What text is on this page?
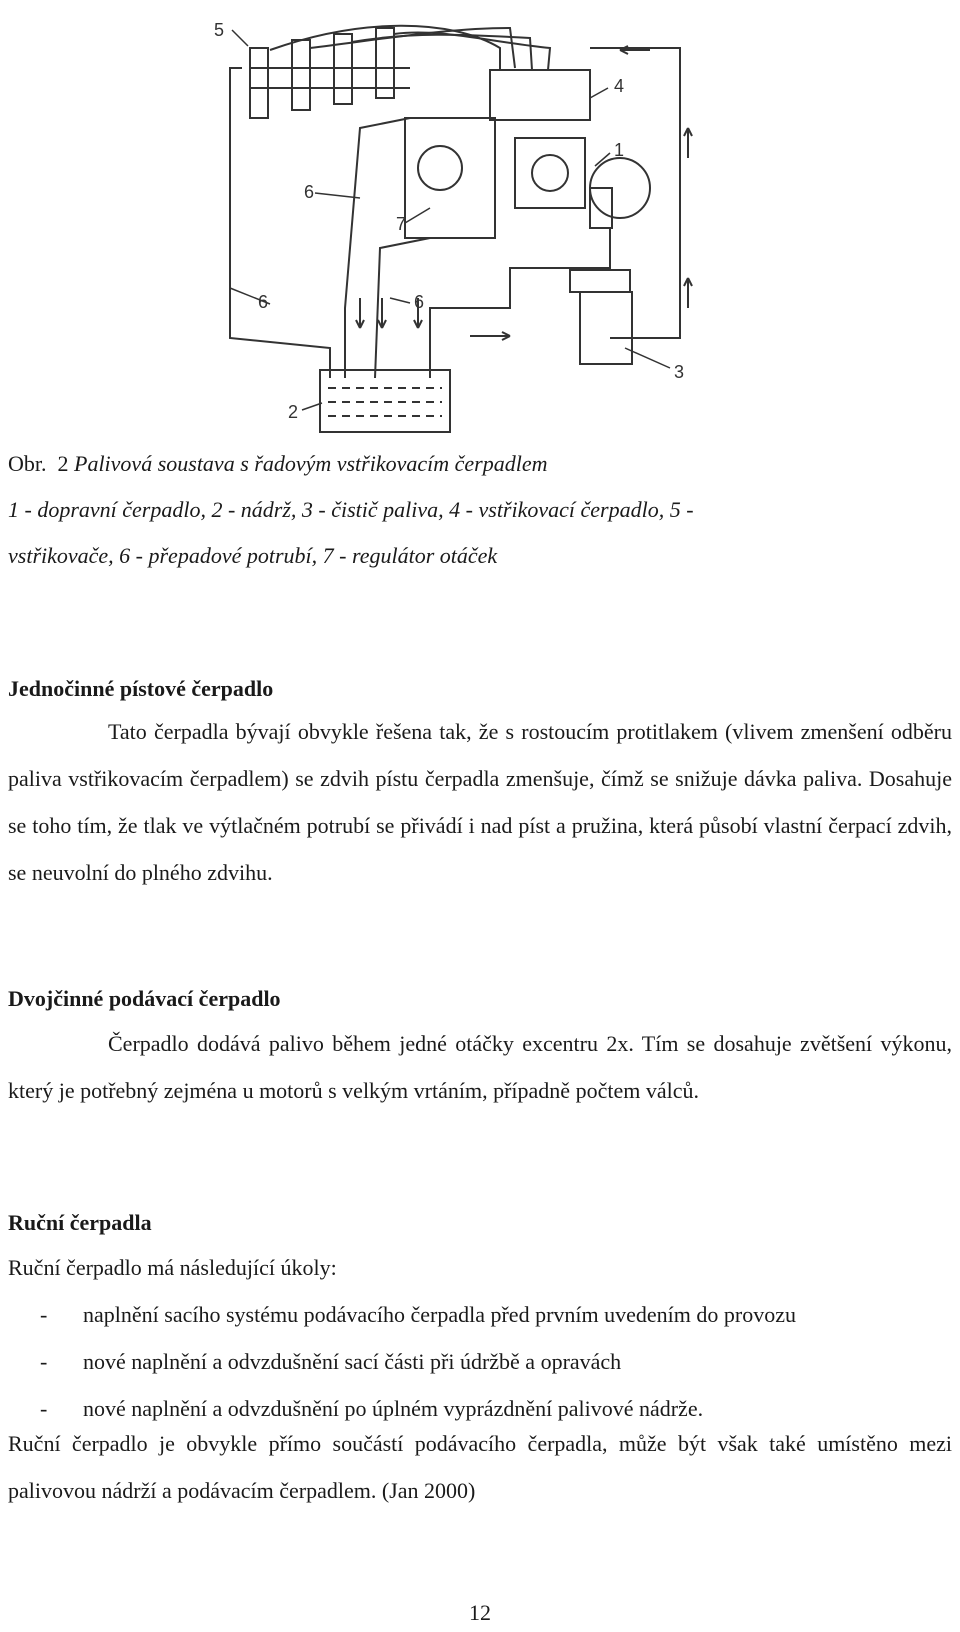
5
4
1
6
7
6	6
3
2
Obr. 2 Palivová soustava s řadovým vstřikovacím čerpadlem
1 - dopravní čerpadlo, 2 - nádrž, 3 - čistič paliva, 4 - vstřikovací čerpadlo, 5 -
vstřikovače, 6 - přepadové potrubí, 7 - regulátor otáček
Jednočinné pístové čerpadlo

Tato čerpadla bývají obvykle řešena tak, že s rostoucím protitlakem (vlivem zmenšení odběru paliva vstřikovacím čerpadlem) se zdvih pístu čerpadla zmenšuje, čímž se snižuje dávka paliva. Dosahuje se toho tím, že tlak ve výtlačném potrubí se přivádí i nad píst a pružina, která působí vlastní čerpací zdvih, se neuvolní do plného zdvihu.

Dvojčinné podávací čerpadlo

Čerpadlo dodává palivo během jedné otáčky excentru 2x. Tím se dosahuje zvětšení výkonu, který je potřebný zejména u motorů s velkým vrtáním, případně počtem válců.

Ruční čerpadla

Ruční čerpadlo má následující úkoly:

-	naplnění sacího systému podávacího čerpadla před prvním uvedením do provozu
-	nové naplnění a odvzdušnění sací části při údržbě a opravách
-	nové naplnění a odvzdušnění po úplném vyprázdnění palivové nádrže.

Ruční čerpadlo je obvykle přímo součástí podávacího čerpadla, může být však také umístěno mezi palivovou nádrží a podávacím čerpadlem. (Jan 2000)

12
